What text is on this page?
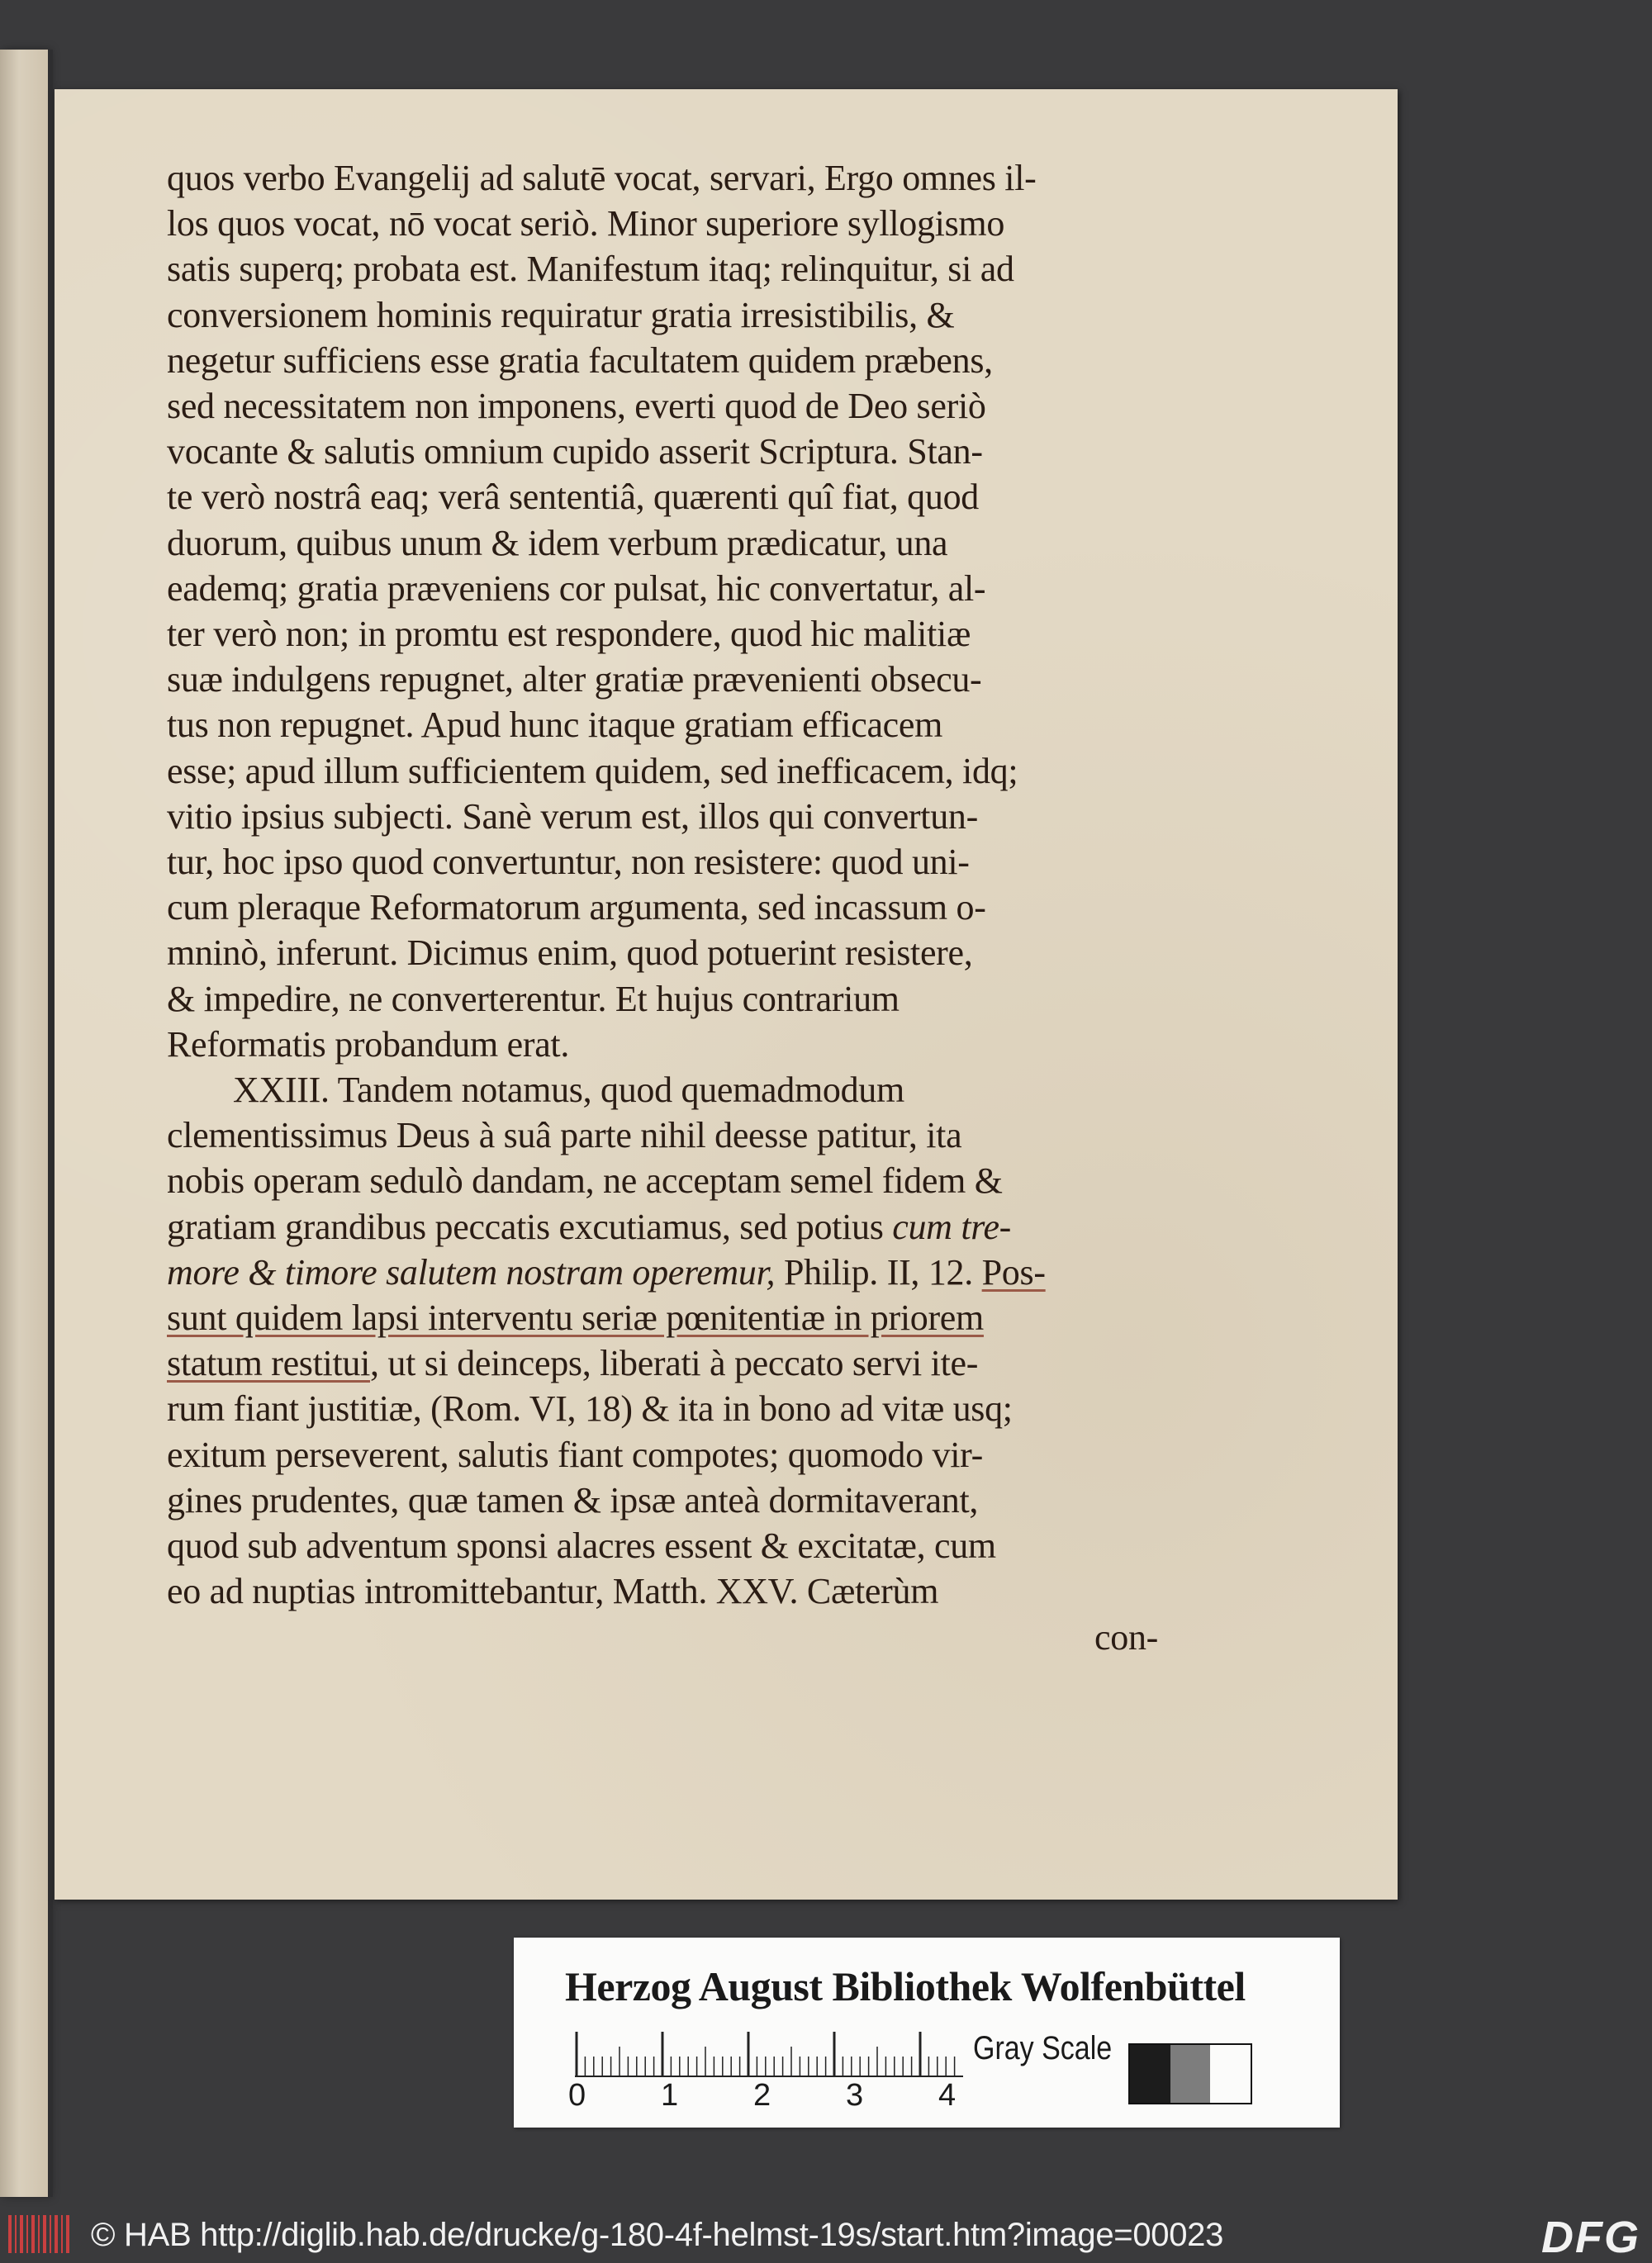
quos verbo Evangelij ad salutē vocat, servari, Ergo omnes il-
los quos vocat, nō vocat seriò. Minor superiore syllogismo
satis superq; probata est. Manifestum itaq; relinquitur, si ad
conversionem hominis requiratur gratia irresistibilis, &
negetur sufficiens esse gratia facultatem quidem præbens,
sed necessitatem non imponens, everti quod de Deo seriò
vocante & salutis omnium cupido asserit Scriptura. Stan-
te verò nostrâ eaq; verâ sententiâ, quærenti quî fiat, quod
duorum, quibus unum & idem verbum prædicatur, una
eademq; gratia præveniens cor pulsat, hic convertatur, al-
ter verò non; in promtu est respondere, quod hic malitiæ
suæ indulgens repugnet, alter gratiæ prævenienti obsecu-
tus non repugnet. Apud hunc itaque gratiam efficacem
esse; apud illum sufficientem quidem, sed inefficacem, idq;
vitio ipsius subjecti. Sanè verum est, illos qui convertun-
tur, hoc ipso quod convertuntur, non resistere: quod uni-
cum pleraque Reformatorum argumenta, sed incassum o-
mninò, inferunt. Dicimus enim, quod potuerint resistere,
& impedire, ne converterentur. Et hujus contrarium
Reformatis probandum erat.
XXIII. Tandem notamus, quod quemadmodum
clementissimus Deus à suâ parte nihil deesse patitur, ita
nobis operam sedulò dandam, ne acceptam semel fidem &
gratiam grandibus peccatis excutiamus, sed potius cum tre-
more & timore salutem nostram operemur, Philip. II, 12. Pos-
sunt quidem lapsi interventu seriæ pœnitentiæ in priorem
statum restitui, ut si deinceps, liberati à peccato servi ite-
rum fiant justitiæ, (Rom. VI, 18) & ita in bono ad vitæ usq;
exitum perseverent, salutis fiant compotes; quomodo vir-
gines prudentes, quæ tamen & ipsæ anteà dormitaverant,
quod sub adventum sponsi alacres essent & excitatæ, cum
eo ad nuptias intromittebantur, Matth. XXV. Cæterùm
con-
Herzog August Bibliothek Wolfenbüttel
0 1 2 3 4
Gray Scale
© HAB http://diglib.hab.de/drucke/g-180-4f-helmst-19s/start.htm?image=00023	DFG
